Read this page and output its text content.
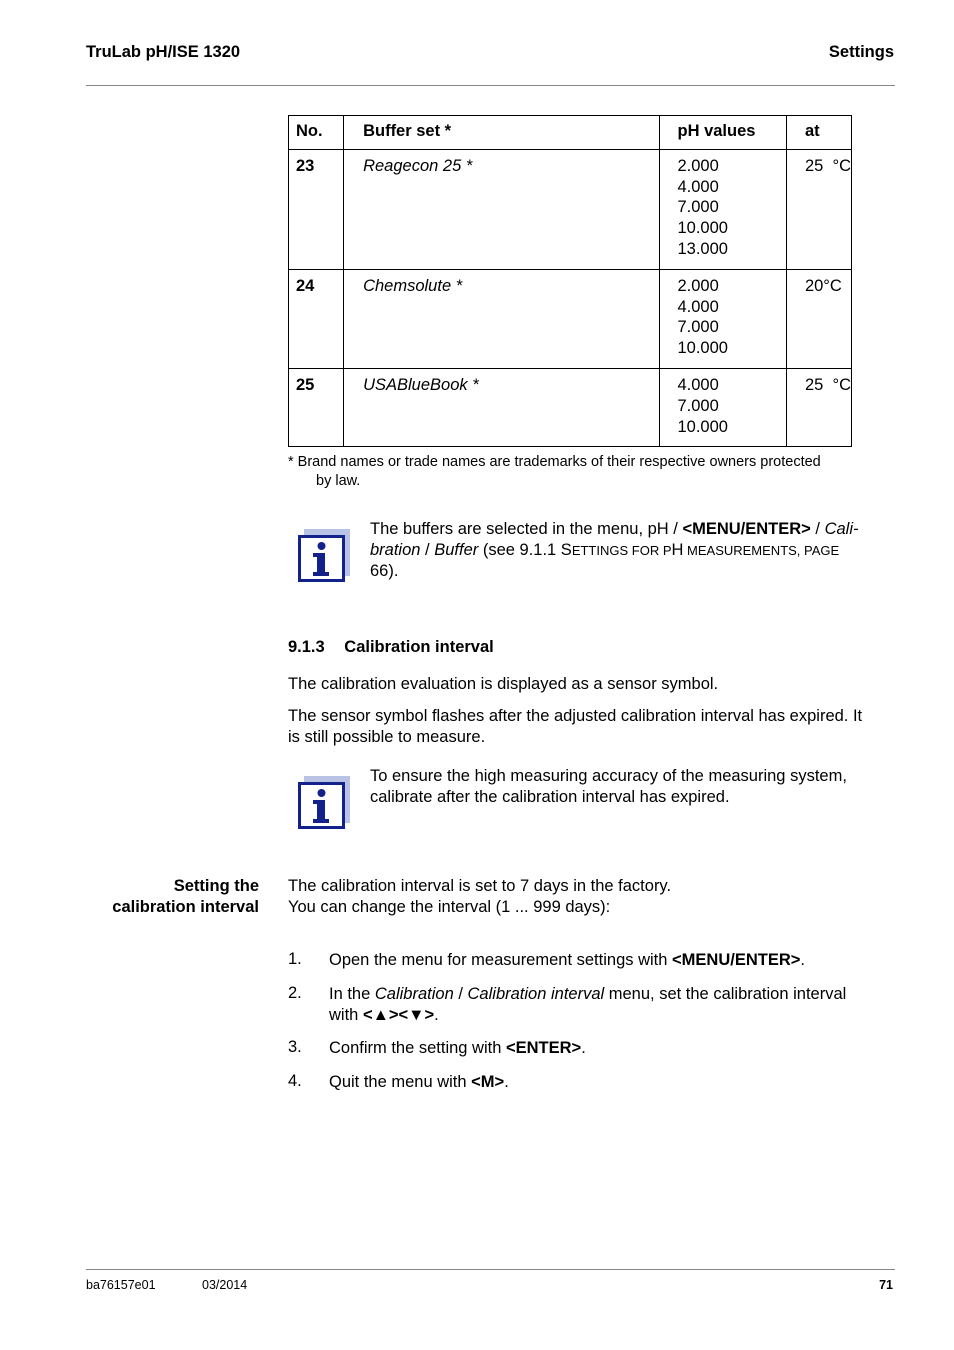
TruLab pH/ISE 1320	Settings
No.	Buffer set *	pH values	at
23	Reagecon 25 *	2.000
4.000
7.000
10.000
13.000	25  °C
24	Chemsolute *	2.000
4.000
7.000
10.000	20°C
25	USABlueBook *	4.000
7.000
10.000	25  °C
* Brand names or trade names are trademarks of their respective owners protected
by law.
The buffers are selected in the menu, pH / <MENU/ENTER> / Cali-
bration / Buffer (see 9.1.1 SETTINGS FOR PH MEASUREMENTS, PAGE
66).
9.1.3 Calibration interval
The calibration evaluation is displayed as a sensor symbol.
The sensor symbol flashes after the adjusted calibration interval has expired. It
is still possible to measure.
To ensure the high measuring accuracy of the measuring system,
calibrate after the calibration interval has expired.
Setting the
calibration interval
The calibration interval is set to 7 days in the factory.
You can change the interval (1 ... 999 days):
1. Open the menu for measurement settings with <MENU/ENTER>.
2. In the Calibration / Calibration interval menu, set the calibration interval
with <▲><▼>.
3. Confirm the setting with <ENTER>.
4. Quit the menu with <M>.
ba76157e01	03/2014	71
